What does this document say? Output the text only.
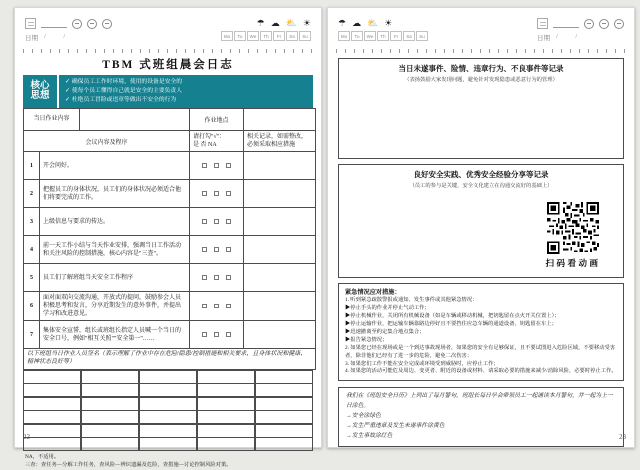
日期 / /
☂ ☁ ⛅ ☀
Mo	Tu	We	Th	Fr	Sa	Su
TBM 式班组晨会日志
核心
思想
✓ 确保员工工作时环境、使用的设备是安全的
✓ 使每个员工懂得自己就是安全的主要负责人
✓ 杜绝员工冒险或违章等做出不安全的行为
当日作业内容			作业地点	
会议内容及程序			请打勾"√"：
是 否 NA	相关记录，如需整改，必须采取相应措施
1	开会问好。			
2	把握员工的身体状况，员工们的身体状况必须适合他们将要完成的工作。			
3	上级信息与要求的传达。			
4	前一天工作小结与当天作业安排，强调当日工作活动和关注风险的控制措施，核心内容是"三查"。			
5	员工们了解班组当天安全工作程序			
6	面对面双向交流沟通，开放式的提问，鼓励参会人员积极思考和发言，分享近期发生的意外事件，并提出学习和改进意见。			
7	集体安全宣誓，组长或班组长指定人员喊一个当日的安全口号，例如"相互关照""安全第一"……			
以下班组当日作业人员签名（表示理解了作业中存在危险/隐患/控制措施和相关要求，且身体状况和健康、精神状态良好等）				
NA，不适用。
三查：查任务—分解工作任务，查风险—辨识遗漏及危险，查措施—讨论控制风险对策。
22
日期 / /
☂ ☁ ⛅ ☀
Mo	Tu	We	Th	Fr	Sa	Su
当日未遂事件、险情、违章行为、不良事件等记录
（表扬鼓励大家发现问题，避免针对发现隐患或恶意行为的管理）
良好安全实践、优秀安全经验分享等记录
（员工的参与是关键，安全文化建立在沟通交流好的基础上）
扫码看动画
紧急情况应对措施：
1. 听到紧急疏散警报或通知、发生事件或其他紧急情况：
▶停止手头的作业并停止气动工作；
▶停止机械作业，关闭所有机械设备（如是车辆或移动机械，把钥匙留在点火开关位置上）；
▶停止运输作业，把运输车辆靠路边停好且不要挡住应急车辆的通道设备，钥匙留在车上；
▶迅速撤离至约定集合地点集合；
▶报告紧急情况；
2. 如果您已经在现场或是一个到达事故现场者，如果您的安全有足够保证，且不要试图进入危险区域，不要移动受害者，除非他们已经有了进一步的危险，避免二次伤害；
3. 如果您们工作不能在安全完成或环境受到威胁时，应停止工作；
4. 如果您的活动可能危及周边、变更者、附近的设备或材料、请采取必要的措施来减少/消除风险，必要时停止工作。
我们在《班组安全日历》上列出了每月警句，班组长每日早会带领员工一起诵读本月警句，并一起为上一日涂色。
→安全涂绿色
→发生严重违章及发生未遂事件涂黄色
→发生事故涂红色	23
